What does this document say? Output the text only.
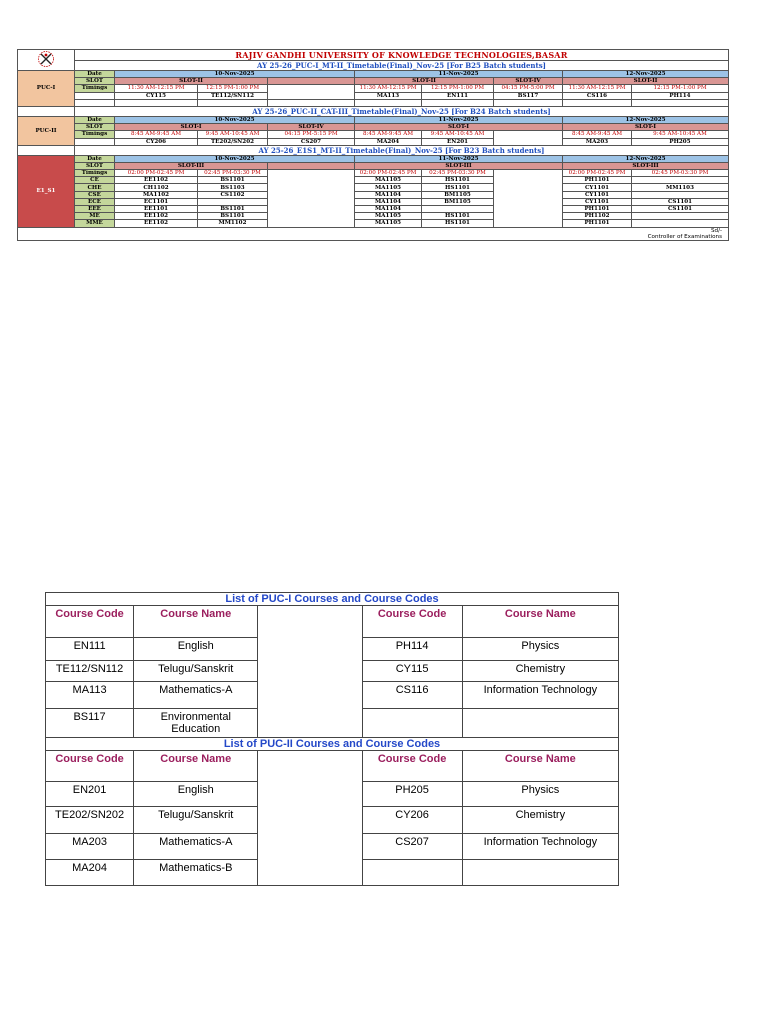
	RAJIV GANDHI UNIVERSITY OF KNOWLEDGE TECHNOLOGIES,BASAR								
	AY 25-26_PUC-I_MT-II_Timetable(Final)_Nov-25 [For B25 Batch students]								
PUC-I	Date	10-Nov-2025			11-Nov-2025			12-Nov-2025	
	SLOT	SLOT-II			SLOT-II		SLOT-IV	SLOT-II	
	Timings	11:30 AM-12:15 PM	12:15 PM-1:00 PM		11:30 AM-12:15 PM	12:15 PM-1:00 PM	04:15 PM-5:00 PM	11:30 AM-12:15 PM	12:15 PM-1:00 PM
		CY115	TE112/SN112		MA113	EN111	BS117	CS116	PH114

	AY 25-26_PUC-II_CAT-III_Timetable(Final)_Nov-25 [For B24 Batch students]								
PUC-II	Date	10-Nov-2025			11-Nov-2025			12-Nov-2025	
	SLOT	SLOT-I		SLOT-IV	SLOT-I			SLOT-I	
	Timings	8:45 AM-9:45 AM	9:45 AM-10:45 AM	04:15 PM-5:15 PM	8:45 AM-9:45 AM	9:45 AM-10:45 AM		8:45 AM-9:45 AM	9:45 AM-10:45 AM
		CY206	TE202/SN202	CS207	MA204	EN201		MA203	PH205
	AY 25-26_E1S1_MT-II_Timetable(Final)_Nov-25 [For B23 Batch students]								
E1_S1	Date	10-Nov-2025			11-Nov-2025			12-Nov-2025	
	SLOT	SLOT-III			SLOT-III			SLOT-III	
	Timings	02:00 PM-02:45 PM	02:45 PM-03:30 PM		02:00 PM-02:45 PM	02:45 PM-03:30 PM		02:00 PM-02:45 PM	02:45 PM-03:30 PM
	CE	EE1102	BS1101		MA1105	HS1101		PH1101	
	CHE	CH1102	BS1103		MA1105	HS1101		CY1101	MM1103
	CSE	MA1102	CS1102		MA1104	BM1105		CY1101	
	ECE	EC1101			MA1104	BM1105		CY1101	CS1101
	EEE	EE1101	BS1101		MA1104			PH1101	CS1101
	ME	EE1102	BS1101		MA1105	HS1101		PH1102	
	MME	EE1102	MM1102		MA1105	HS1101		PH1101	
Sd/-									
Controller of Examinations									
List of PUC-I Courses and Course Codes				
Course Code	Course Name		Course Code	Course Name
EN111	English		PH114	Physics
TE112/SN112	Telugu/Sanskrit		CY115	Chemistry
MA113	Mathematics-A		CS116	Information Technology
BS117	Environmental Education			
List of PUC-II Courses and Course Codes				
Course Code	Course Name		Course Code	Course Name
EN201	English		PH205	Physics
TE202/SN202	Telugu/Sanskrit		CY206	Chemistry
MA203	Mathematics-A		CS207	Information Technology
MA204	Mathematics-B			
